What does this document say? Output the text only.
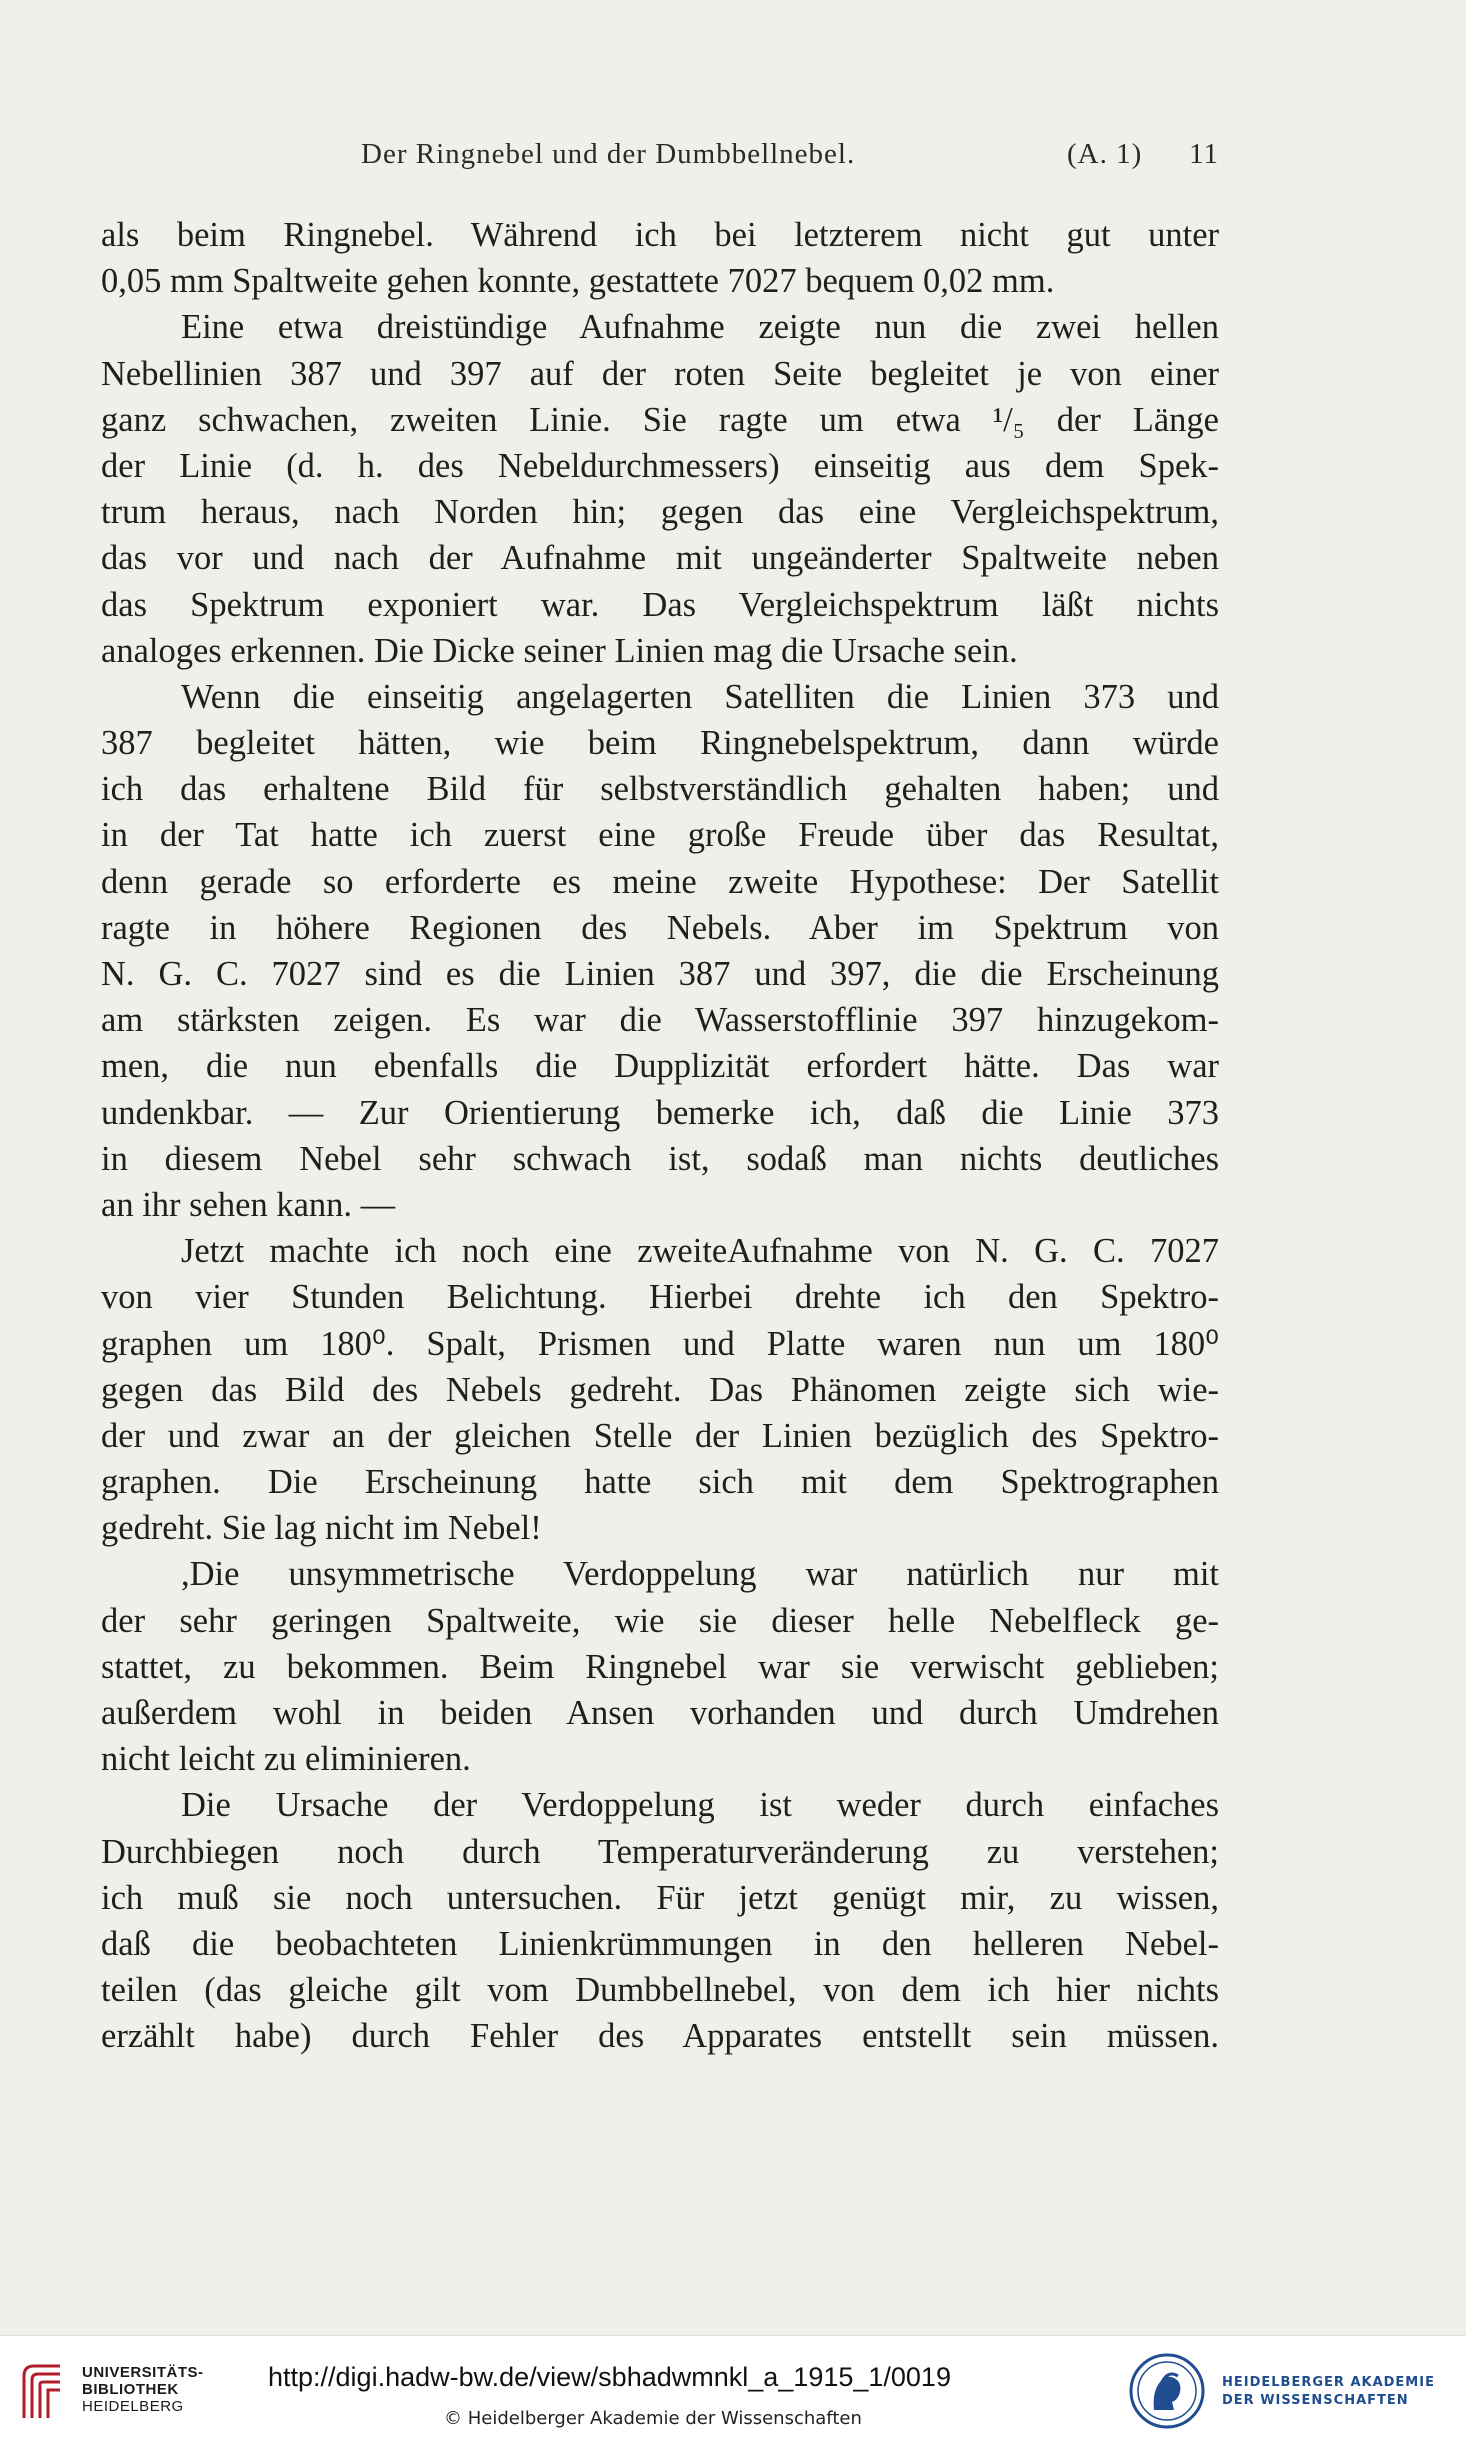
Der Ringnebel und der Dumbbellnebel.	(A. 1) 11
als beim Ringnebel. Während ich bei letzterem nicht gut unter
0,05 mm Spaltweite gehen konnte, gestattete 7027 bequem 0,02 mm.
Eine etwa dreistündige Aufnahme zeigte nun die zwei hellen
Nebellinien 387 und 397 auf der roten Seite begleitet je von einer
ganz schwachen, zweiten Linie. Sie ragte um etwa ¹/₅ der Länge
der Linie (d. h. des Nebeldurchmessers) einseitig aus dem Spek-
trum heraus, nach Norden hin; gegen das eine Vergleichspektrum,
das vor und nach der Aufnahme mit ungeänderter Spaltweite neben
das Spektrum exponiert war. Das Vergleichspektrum läßt nichts
analoges erkennen. Die Dicke seiner Linien mag die Ursache sein.
Wenn die einseitig angelagerten Satelliten die Linien 373 und
387 begleitet hätten, wie beim Ringnebelspektrum, dann würde
ich das erhaltene Bild für selbstverständlich gehalten haben; und
in der Tat hatte ich zuerst eine große Freude über das Resultat,
denn gerade so erforderte es meine zweite Hypothese: Der Satellit
ragte in höhere Regionen des Nebels. Aber im Spektrum von
N. G. C. 7027 sind es die Linien 387 und 397, die die Erscheinung
am stärksten zeigen. Es war die Wasserstofflinie 397 hinzugekom-
men, die nun ebenfalls die Dupplizität erfordert hätte. Das war
undenkbar. — Zur Orientierung bemerke ich, daß die Linie 373
in diesem Nebel sehr schwach ist, sodaß man nichts deutliches
an ihr sehen kann. —
Jetzt machte ich noch eine zweiteAufnahme von N. G. C. 7027
von vier Stunden Belichtung. Hierbei drehte ich den Spektro-
graphen um 180⁰. Spalt, Prismen und Platte waren nun um 180⁰
gegen das Bild des Nebels gedreht. Das Phänomen zeigte sich wie-
der und zwar an der gleichen Stelle der Linien bezüglich des Spektro-
graphen. Die Erscheinung hatte sich mit dem Spektrographen
gedreht. Sie lag nicht im Nebel!
,Die unsymmetrische Verdoppelung war natürlich nur mit
der sehr geringen Spaltweite, wie sie dieser helle Nebelfleck ge-
stattet, zu bekommen. Beim Ringnebel war sie verwischt geblieben;
außerdem wohl in beiden Ansen vorhanden und durch Umdrehen
nicht leicht zu eliminieren.
Die Ursache der Verdoppelung ist weder durch einfaches
Durchbiegen noch durch Temperaturveränderung zu verstehen;
ich muß sie noch untersuchen. Für jetzt genügt mir, zu wissen,
daß die beobachteten Linienkrümmungen in den helleren Nebel-
teilen (das gleiche gilt vom Dumbbellnebel, von dem ich hier nichts
erzählt habe) durch Fehler des Apparates entstellt sein müssen.
UNIVERSITÄTS-
BIBLIOTHEK
HEIDELBERG
http://digi.hadw-bw.de/view/sbhadwmnkl_a_1915_1/0019
© Heidelberger Akademie der Wissenschaften
HEIDELBERGER AKADEMIE
DER WISSENSCHAFTEN
